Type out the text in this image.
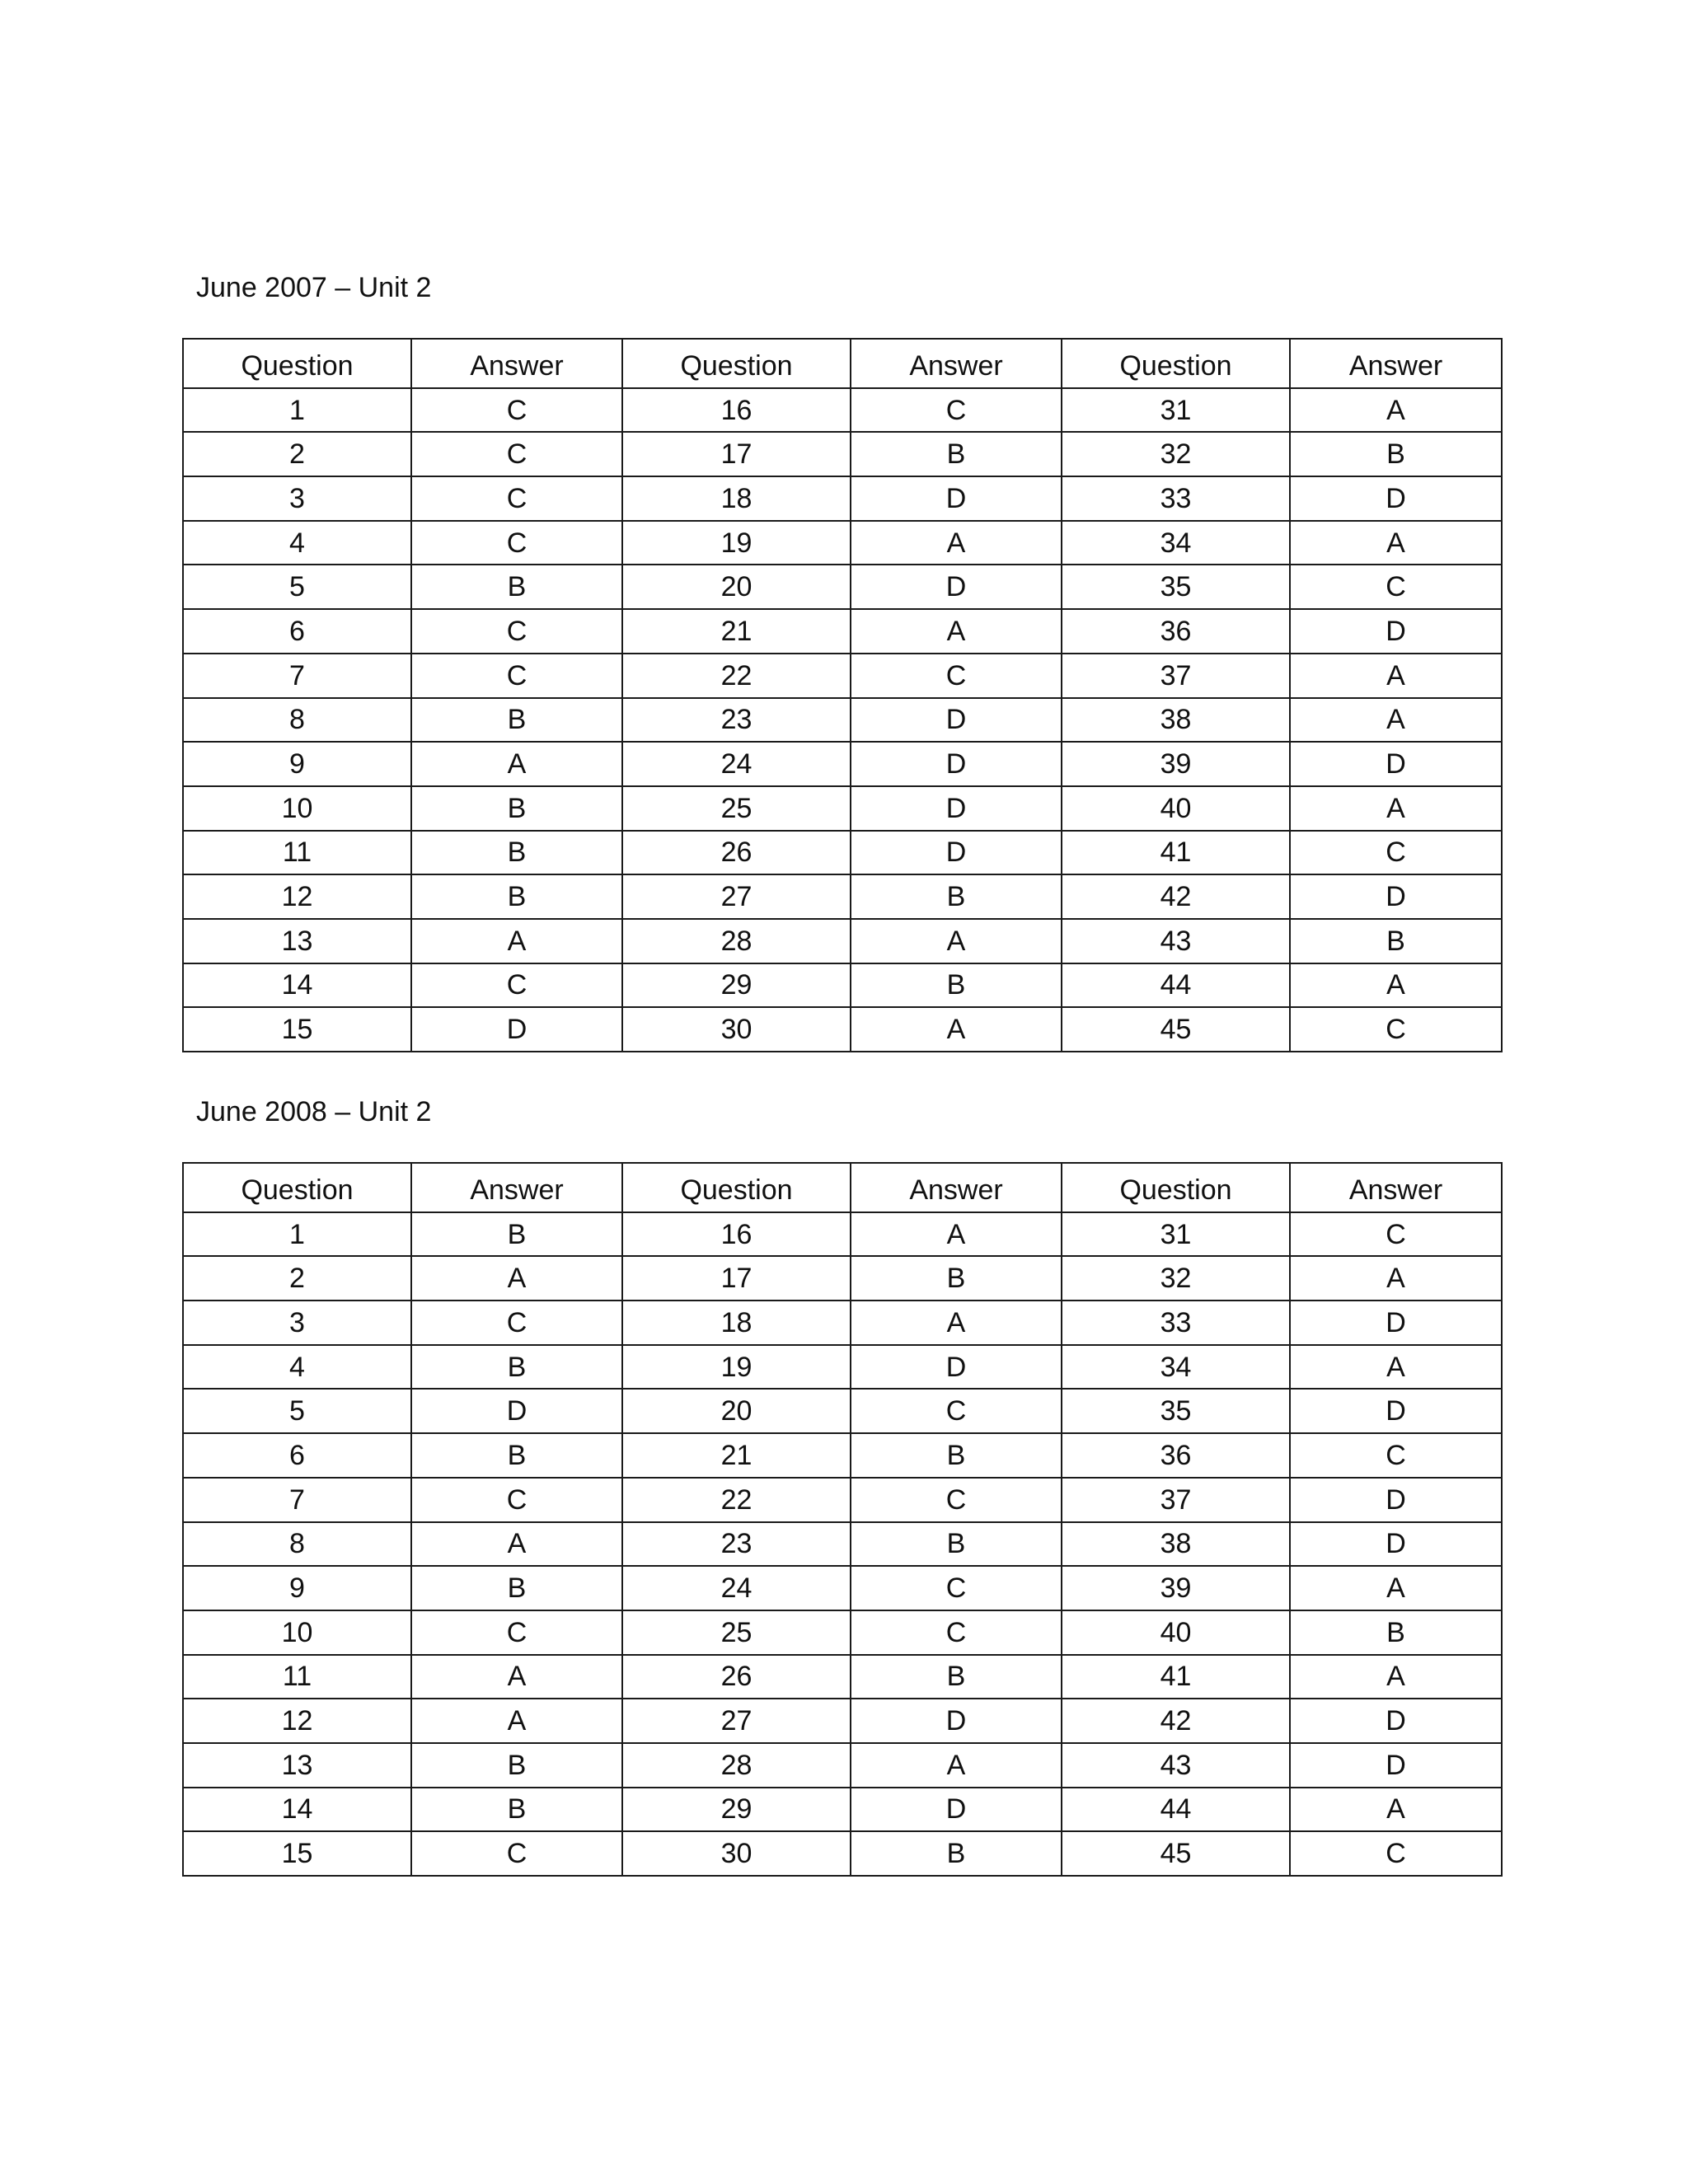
June 2007 – Unit 2
Question	Answer	Question	Answer	Question	Answer
1	C	16	C	31	A
2	C	17	B	32	B
3	C	18	D	33	D
4	C	19	A	34	A
5	B	20	D	35	C
6	C	21	A	36	D
7	C	22	C	37	A
8	B	23	D	38	A
9	A	24	D	39	D
10	B	25	D	40	A
11	B	26	D	41	C
12	B	27	B	42	D
13	A	28	A	43	B
14	C	29	B	44	A
15	D	30	A	45	C
June 2008 – Unit 2
Question	Answer	Question	Answer	Question	Answer
1	B	16	A	31	C
2	A	17	B	32	A
3	C	18	A	33	D
4	B	19	D	34	A
5	D	20	C	35	D
6	B	21	B	36	C
7	C	22	C	37	D
8	A	23	B	38	D
9	B	24	C	39	A
10	C	25	C	40	B
11	A	26	B	41	A
12	A	27	D	42	D
13	B	28	A	43	D
14	B	29	D	44	A
15	C	30	B	45	C
